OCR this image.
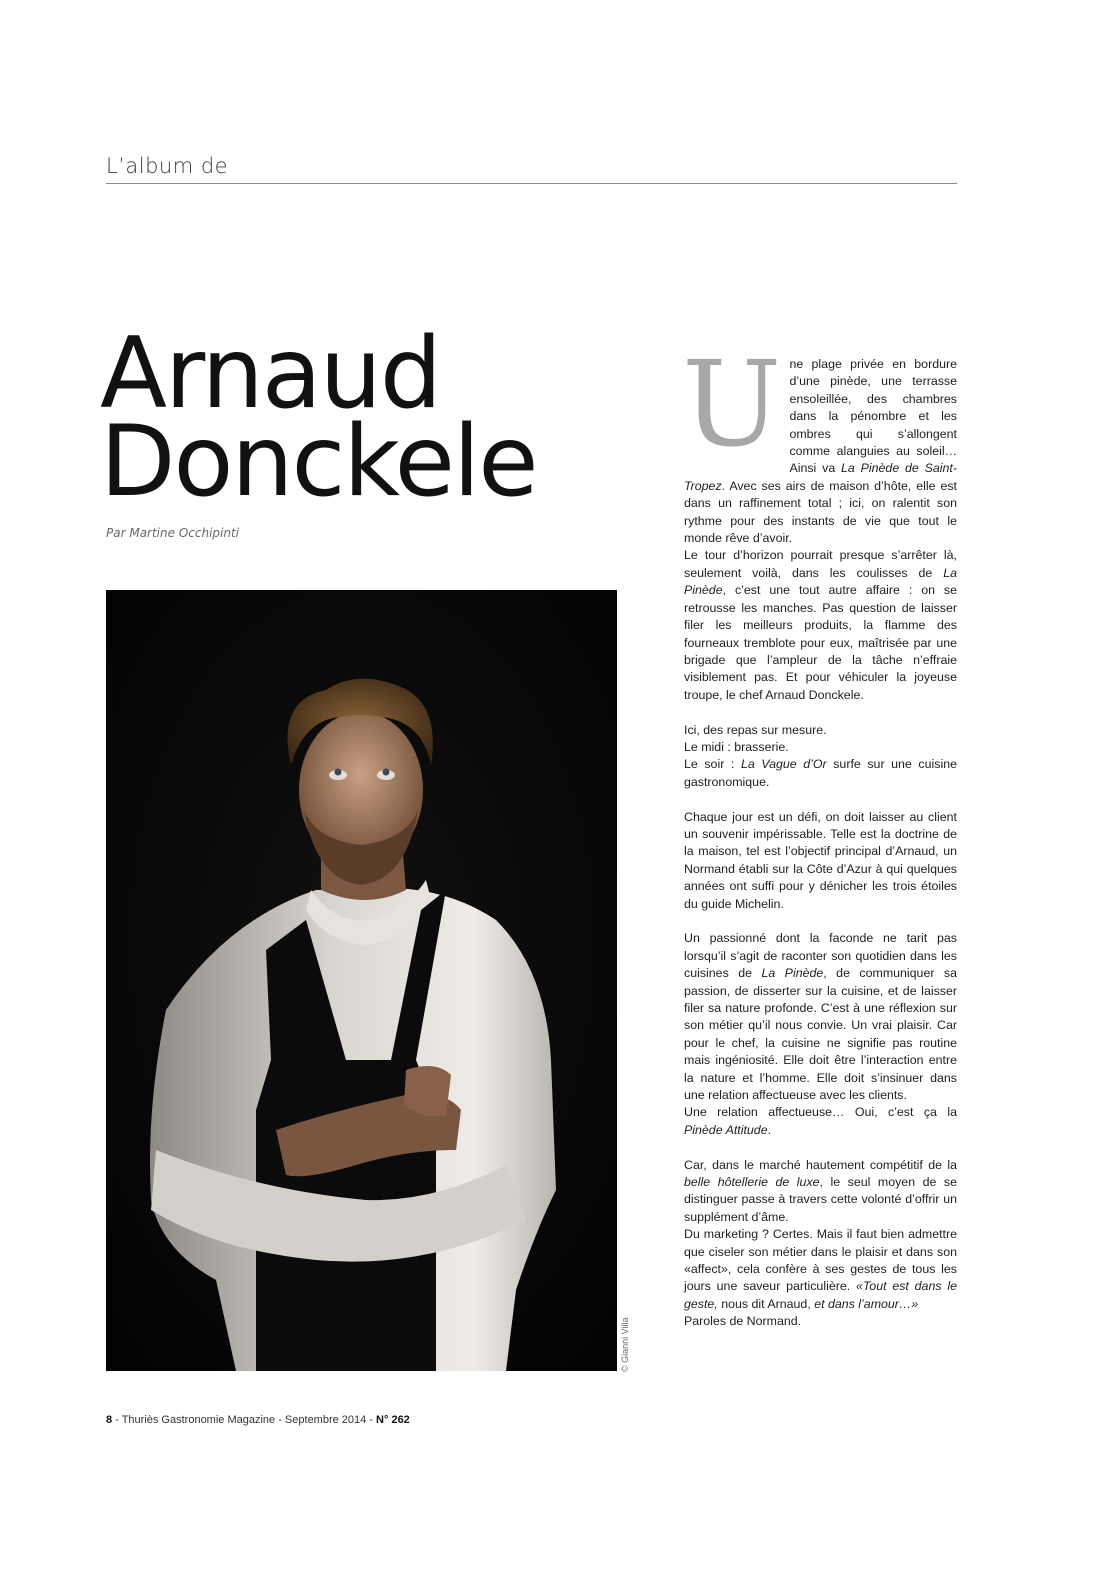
L’album de
Arnaud
Donckele
Par Martine Occhipinti
© Gianni Villa
U ne plage privée en bordure d’une pinède, une terrasse ensoleillée, des chambres dans la pénombre et les ombres qui s’allongent comme alanguies au soleil… Ainsi va La Pinède de Saint-Tropez. Avec ses airs de maison d’hôte, elle est dans un raffinement total ; ici, on ralentit son rythme pour des instants de vie que tout le monde rêve d’avoir.

Le tour d’horizon pourrait presque s’arrêter là, seulement voilà, dans les coulisses de La Pinède, c’est une tout autre affaire : on se retrousse les manches. Pas question de laisser filer les meilleurs produits, la flamme des fourneaux tremblote pour eux, maîtrisée par une brigade que l’ampleur de la tâche n’effraie visiblement pas. Et pour véhiculer la joyeuse troupe, le chef Arnaud Donckele.

Ici, des repas sur mesure.

Le midi : brasserie.

Le soir : La Vague d’Or surfe sur une cuisine gastronomique.

Chaque jour est un défi, on doit laisser au client un souvenir impérissable. Telle est la doctrine de la maison, tel est l’objectif principal d’Arnaud, un Normand établi sur la Côte d’Azur à qui quelques années ont suffi pour y dénicher les trois étoiles du guide Michelin.

Un passionné dont la faconde ne tarit pas lorsqu’il s’agit de raconter son quotidien dans les cuisines de La Pinède, de communiquer sa passion, de disserter sur la cuisine, et de laisser filer sa nature profonde. C’est à une réflexion sur son métier qu’il nous convie. Un vrai plaisir. Car pour le chef, la cuisine ne signifie pas routine mais ingéniosité. Elle doit être l’interaction entre la nature et l’homme. Elle doit s’insinuer dans une relation affectueuse avec les clients.

Une relation affectueuse… Oui, c’est ça la Pinède Attitude.

Car, dans le marché hautement compétitif de la belle hôtellerie de luxe, le seul moyen de se distinguer passe à travers cette volonté d’offrir un supplément d’âme.

Du marketing ? Certes. Mais il faut bien admettre que ciseler son métier dans le plaisir et dans son «affect», cela confère à ses gestes de tous les jours une saveur particulière. «Tout est dans le geste, nous dit Arnaud, et dans l’amour…»

Paroles de Normand.

8 - Thuriès Gastronomie Magazine - Septembre 2014 - N° 262
